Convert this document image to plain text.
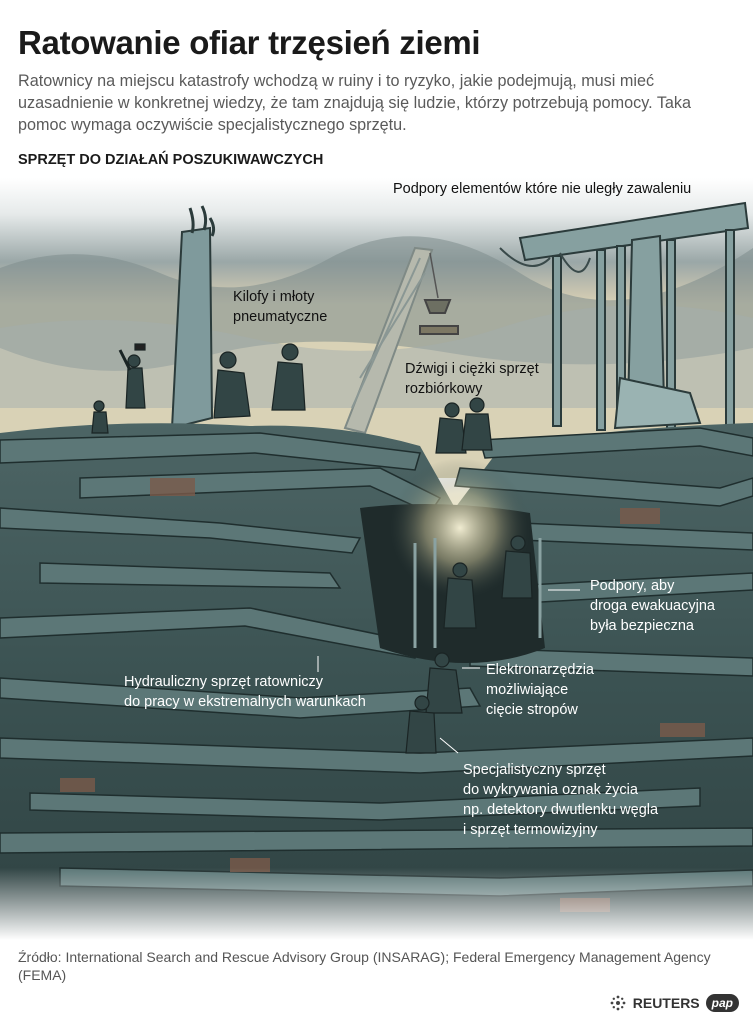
Ratowanie ofiar trzęsień ziemi
Ratownicy na miejscu katastrofy wchodzą w ruiny i to ryzyko, jakie podejmują, musi mieć uzasadnienie w konkretnej wiedzy, że tam znajdują się ludzie, którzy potrzebują pomocy. Taka pomoc wymaga oczywiście specjalistycznego sprzętu.
SPRZĘT DO DZIAŁAŃ POSZUKIWAWCZYCH
Podpory elementów które nie uległy zawaleniu
Kilofy i młoty
pneumatyczne
Dźwigi i ciężki sprzęt
rozbiórkowy
Podpory, aby
droga ewakuacyjna
była bezpieczna
Hydrauliczny sprzęt ratowniczy
do pracy w ekstremalnych warunkach
Elektronarzędzia
możliwiające
cięcie stropów
Specjalistyczny sprzęt
do wykrywania oznak życia
np. detektory dwutlenku węgla
i sprzęt termowizyjny
Źródło: International Search and Rescue Advisory Group (INSARAG); Federal Emergency Management Agency (FEMA)
REUTERS	pap
